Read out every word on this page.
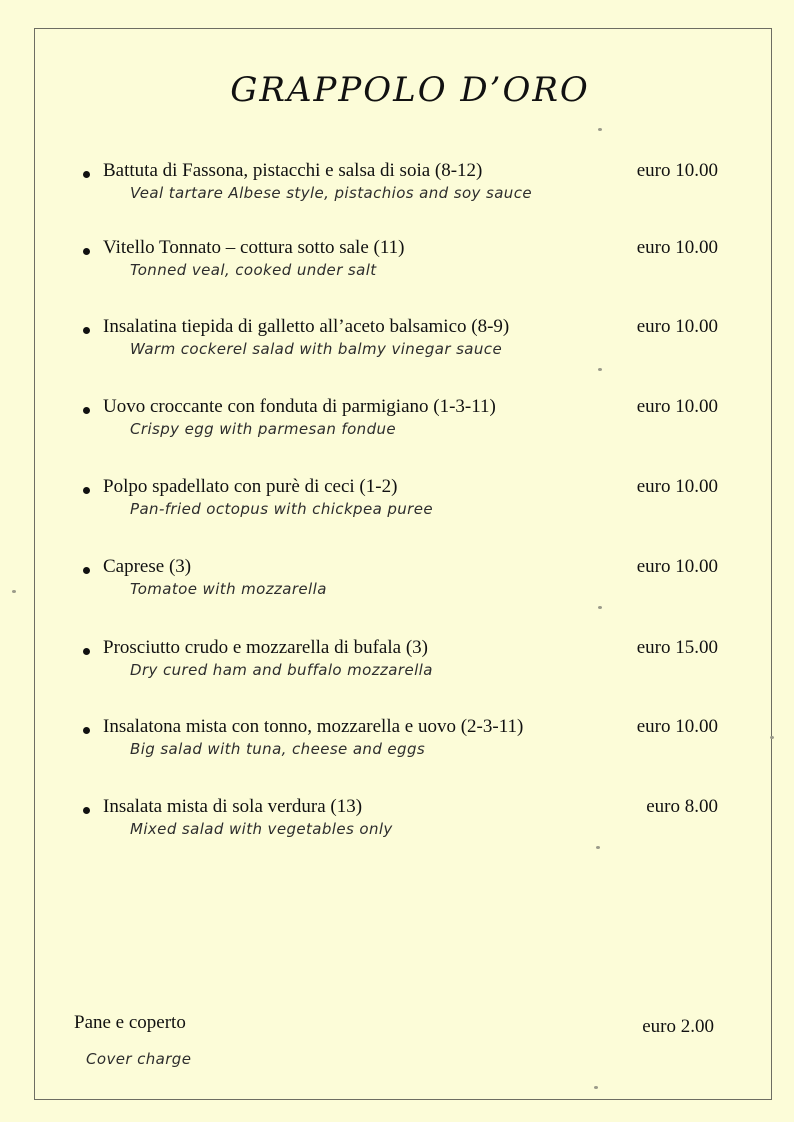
GRAPPOLO D’ORO
Battuta di Fassona, pistacchi e salsa di soia (8-12)	euro 10.00
Veal tartare Albese style, pistachios and soy sauce
Vitello Tonnato – cottura sotto sale (11)	euro 10.00
Tonned veal, cooked under salt
Insalatina tiepida di galletto all’aceto balsamico (8-9)	euro 10.00
Warm cockerel salad with balmy vinegar sauce
Uovo croccante con fonduta di parmigiano (1-3-11)	euro 10.00
Crispy egg with parmesan fondue
Polpo spadellato con purè di ceci (1-2)	euro 10.00
Pan-fried octopus with chickpea puree
Caprese (3)	euro 10.00
Tomatoe with mozzarella
Prosciutto crudo e mozzarella di bufala (3)	euro 15.00
Dry cured ham and buffalo mozzarella
Insalatona mista con tonno, mozzarella e uovo (2-3-11)	euro 10.00
Big salad with tuna, cheese and eggs
Insalata mista di sola verdura (13)	euro 8.00
Mixed salad with vegetables only
Pane e coperto	euro 2.00
Cover charge
